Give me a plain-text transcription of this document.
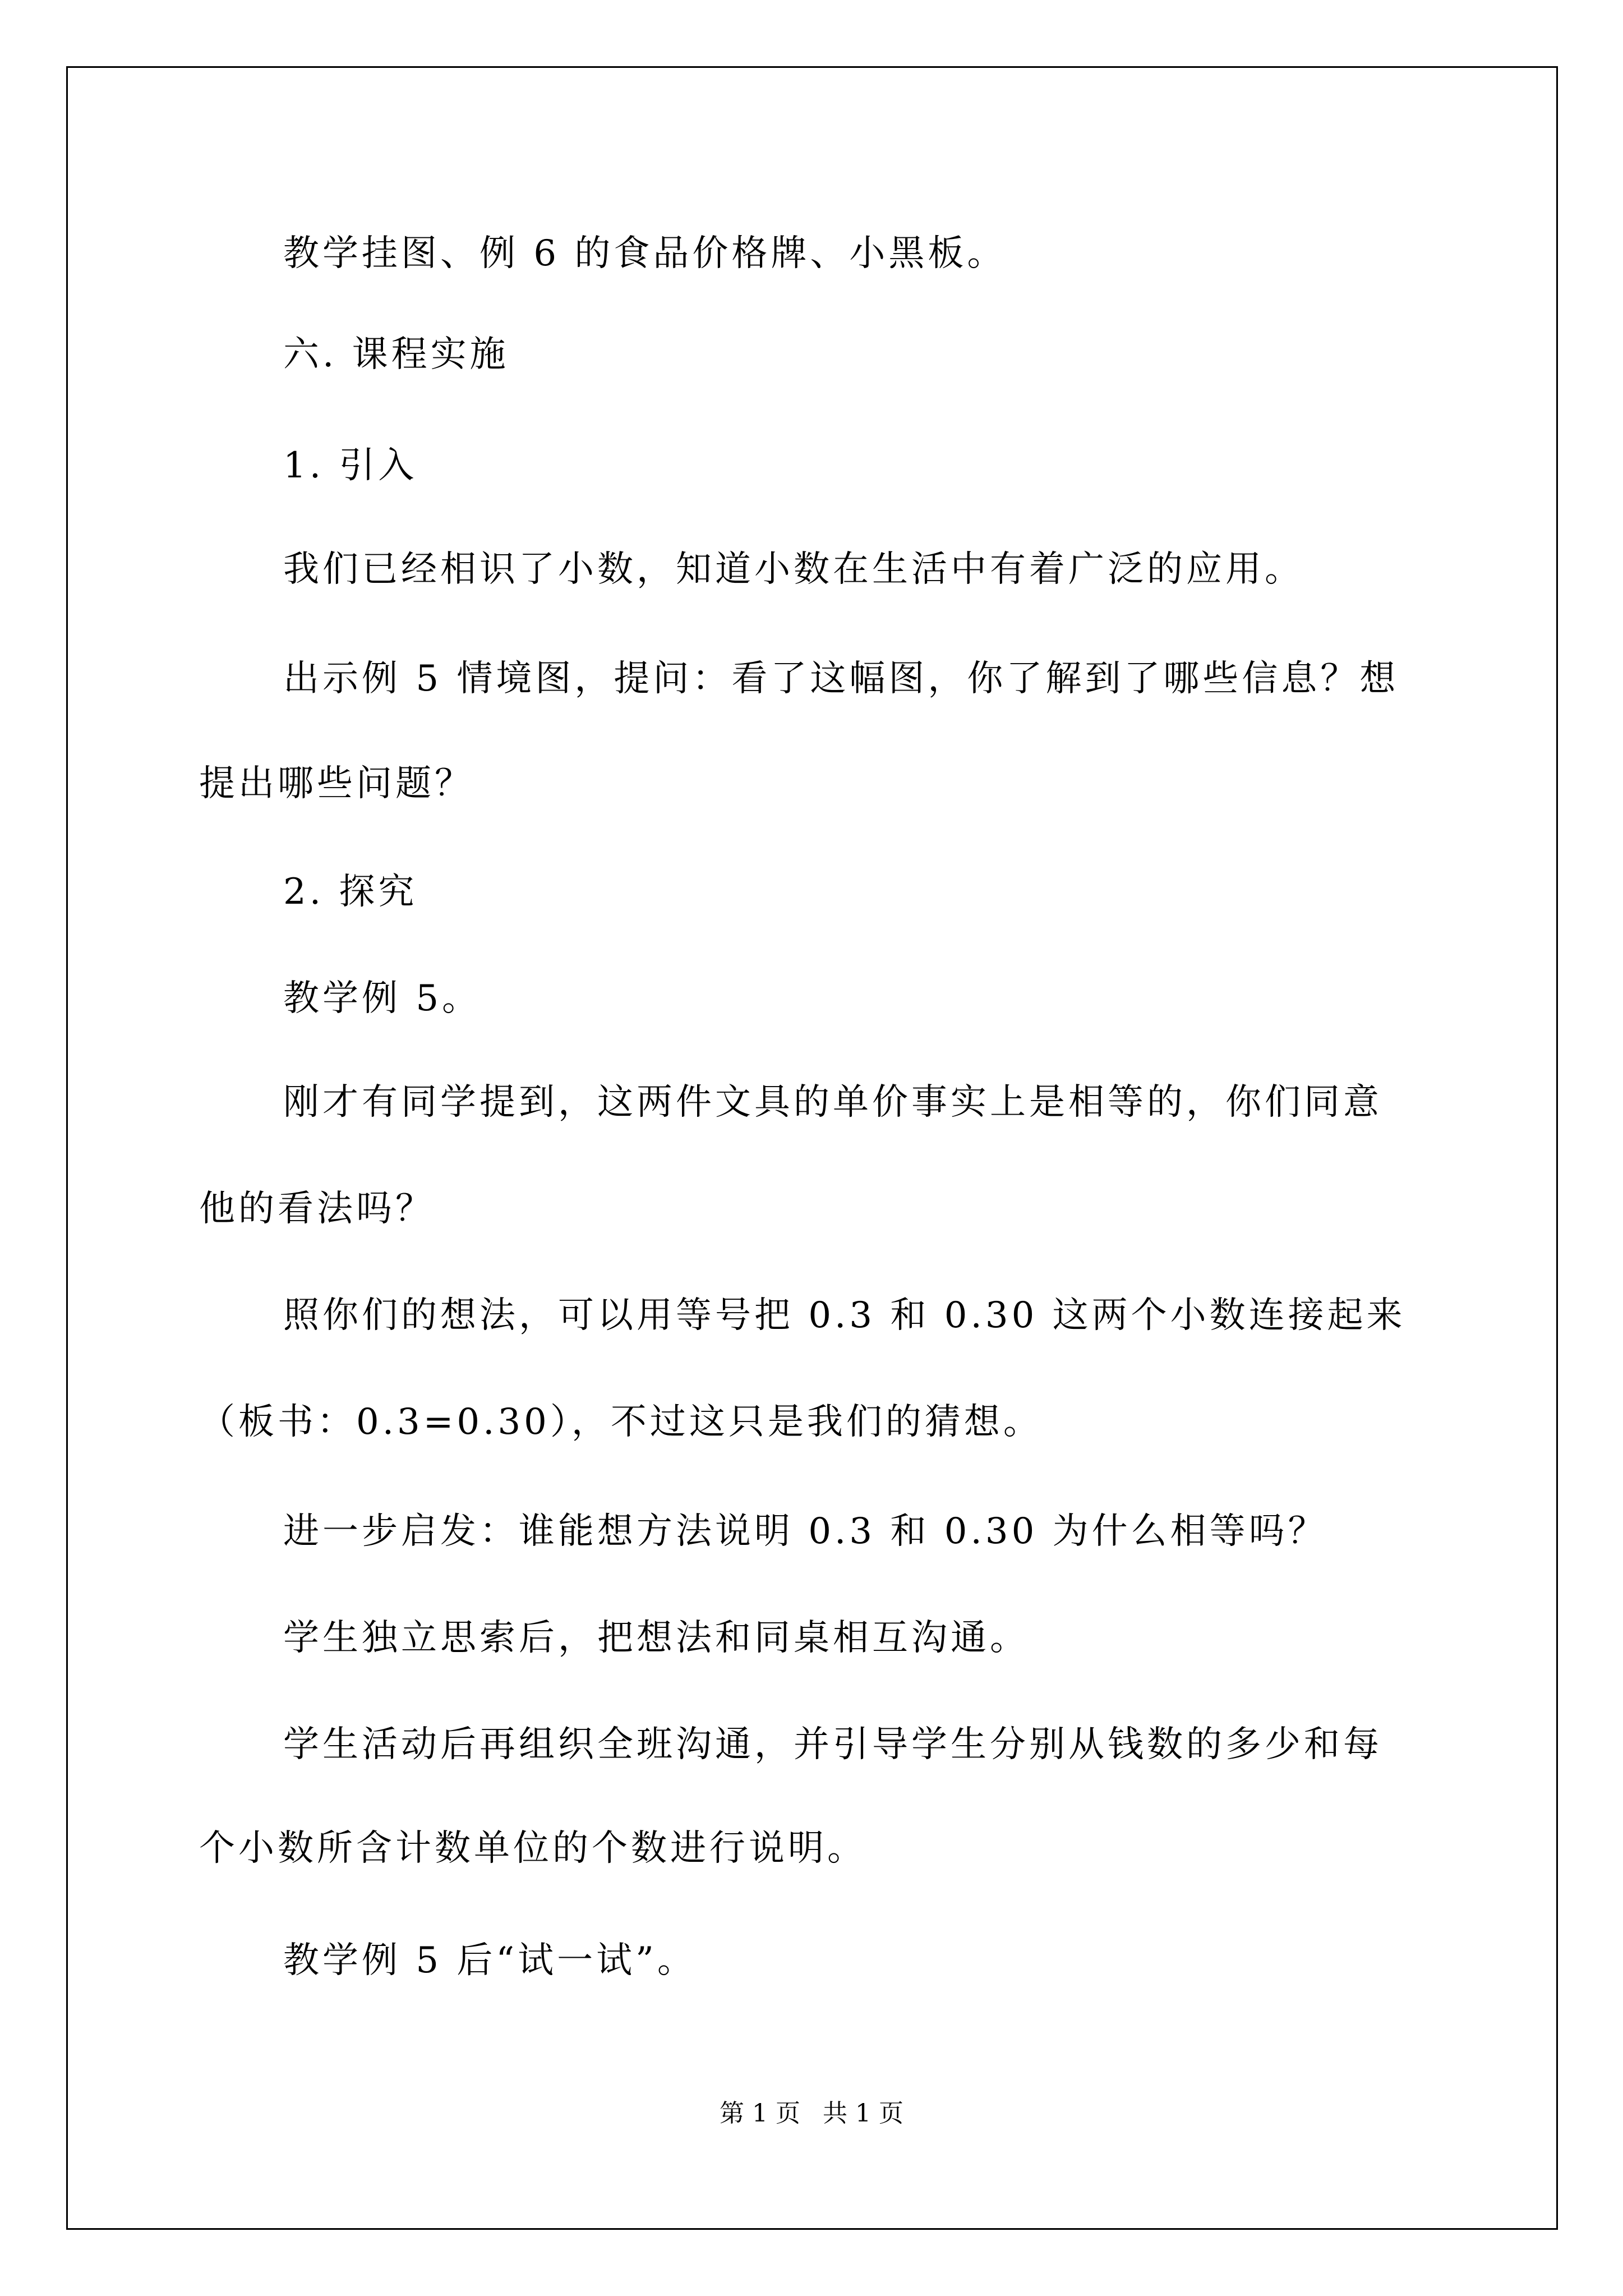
教学挂图、例 6 的食品价格牌、小黑板。
六. 课程实施
1. 引入
我们已经相识了小数，知道小数在生活中有着广泛的应用。
出示例 5 情境图，提问：看了这幅图，你了解到了哪些信息？想
提出哪些问题？
2. 探究
教学例 5。
刚才有同学提到，这两件文具的单价事实上是相等的，你们同意
他的看法吗？
照你们的想法，可以用等号把 0.3 和 0.30 这两个小数连接起来
（板书：0.3=0.30），不过这只是我们的猜想。
进一步启发：谁能想方法说明 0.3 和 0.30 为什么相等吗？
学生独立思索后，把想法和同桌相互沟通。
学生活动后再组织全班沟通，并引导学生分别从钱数的多少和每
个小数所含计数单位的个数进行说明。
教学例 5 后“试一试”。
第 1 页 共 1 页
